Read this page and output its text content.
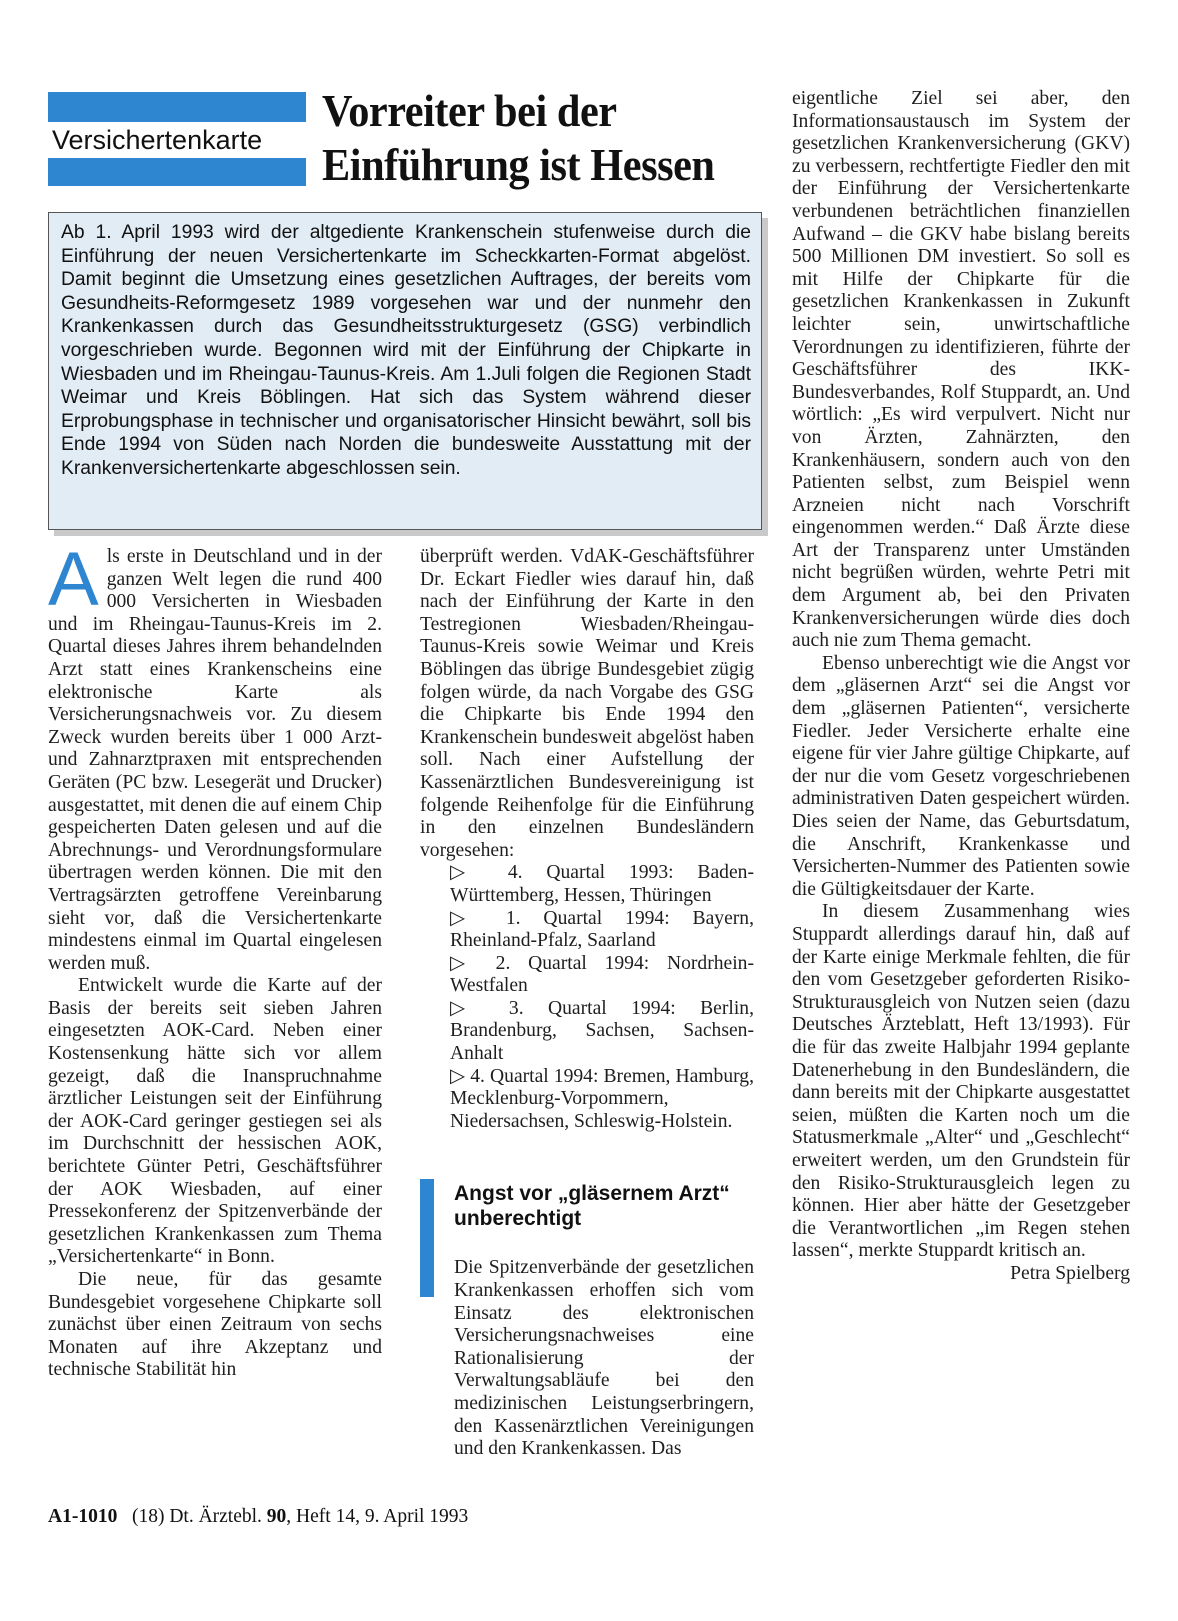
Versichertenkarte
Vorreiter bei der
Einführung ist Hessen
Ab 1. April 1993 wird der altgediente Krankenschein stufenweise durch die Einführung der neuen Versichertenkarte im Scheckkarten-Format abgelöst. Damit beginnt die Umsetzung eines gesetzlichen Auftrages, der bereits vom Gesundheits-Reformgesetz 1989 vorgesehen war und der nunmehr den Krankenkassen durch das Gesundheitsstrukturgesetz (GSG) verbindlich vorgeschrieben wurde. Begonnen wird mit der Einführung der Chipkarte in Wiesbaden und im Rheingau-Taunus-Kreis. Am 1.Juli folgen die Regionen Stadt Weimar und Kreis Böblingen. Hat sich das System während dieser Erprobungsphase in technischer und organisatorischer Hinsicht bewährt, soll bis Ende 1994 von Süden nach Norden die bundesweite Ausstattung mit der Krankenversichertenkarte abgeschlossen sein.

Als erste in Deutschland und in der ganzen Welt legen die rund 400 000 Versicherten in Wiesbaden und im Rheingau-Taunus-Kreis im 2. Quartal dieses Jahres ihrem behandelnden Arzt statt eines Krankenscheins eine elektronische Karte als Versicherungsnachweis vor. Zu diesem Zweck wurden bereits über 1 000 Arzt- und Zahnarztpraxen mit entsprechenden Geräten (PC bzw. Lesegerät und Drucker) ausgestattet, mit denen die auf einem Chip gespeicherten Daten gelesen und auf die Abrechnungs- und Verordnungsformulare übertragen werden können. Die mit den Vertragsärzten getroffene Vereinbarung sieht vor, daß die Versichertenkarte mindestens einmal im Quartal eingelesen werden muß.

Entwickelt wurde die Karte auf der Basis der bereits seit sieben Jahren eingesetzten AOK-Card. Neben einer Kostensenkung hätte sich vor allem gezeigt, daß die Inanspruchnahme ärztlicher Leistungen seit der Einführung der AOK-Card geringer gestiegen sei als im Durchschnitt der hessischen AOK, berichtete Günter Petri, Geschäftsführer der AOK Wiesbaden, auf einer Pressekonferenz der Spitzenverbände der gesetzlichen Krankenkassen zum Thema „Versichertenkarte“ in Bonn.

Die neue, für das gesamte Bundesgebiet vorgesehene Chipkarte soll zunächst über einen Zeitraum von sechs Monaten auf ihre Akzeptanz und technische Stabilität hin

überprüft werden. VdAK-Geschäftsführer Dr. Eckart Fiedler wies darauf hin, daß nach der Einführung der Karte in den Testregionen Wiesbaden/Rheingau-Taunus-Kreis sowie Weimar und Kreis Böblingen das übrige Bundesgebiet zügig folgen würde, da nach Vorgabe des GSG die Chipkarte bis Ende 1994 den Krankenschein bundesweit abgelöst haben soll. Nach einer Aufstellung der Kassenärztlichen Bundesvereinigung ist folgende Reihenfolge für die Einführung in den einzelnen Bundesländern vorgesehen:

▷ 4. Quartal 1993: Baden-Württemberg, Hessen, Thüringen

▷ 1. Quartal 1994: Bayern, Rheinland-Pfalz, Saarland

▷ 2. Quartal 1994: Nordrhein-Westfalen

▷ 3. Quartal 1994: Berlin, Brandenburg, Sachsen, Sachsen-Anhalt

▷ 4. Quartal 1994: Bremen, Hamburg, Mecklenburg-Vorpommern, Niedersachsen, Schleswig-Holstein.

Angst vor „gläsernem Arzt“ unberechtigt

Die Spitzenverbände der gesetzlichen Krankenkassen erhoffen sich vom Einsatz des elektronischen Versicherungsnachweises eine Rationalisierung der Verwaltungsabläufe bei den medizinischen Leistungserbringern, den Kassenärztlichen Vereinigungen und den Krankenkassen. Das

eigentliche Ziel sei aber, den Informationsaustausch im System der gesetzlichen Krankenversicherung (GKV) zu verbessern, rechtfertigte Fiedler den mit der Einführung der Versichertenkarte verbundenen beträchtlichen finanziellen Aufwand – die GKV habe bislang bereits 500 Millionen DM investiert. So soll es mit Hilfe der Chipkarte für die gesetzlichen Krankenkassen in Zukunft leichter sein, unwirtschaftliche Verordnungen zu identifizieren, führte der Geschäftsführer des IKK-Bundesverbandes, Rolf Stuppardt, an. Und wörtlich: „Es wird verpulvert. Nicht nur von Ärzten, Zahnärzten, den Krankenhäusern, sondern auch von den Patienten selbst, zum Beispiel wenn Arzneien nicht nach Vorschrift eingenommen werden.“ Daß Ärzte diese Art der Transparenz unter Umständen nicht begrüßen würden, wehrte Petri mit dem Argument ab, bei den Privaten Krankenversicherungen würde dies doch auch nie zum Thema gemacht.

Ebenso unberechtigt wie die Angst vor dem „gläsernen Arzt“ sei die Angst vor dem „gläsernen Patienten“, versicherte Fiedler. Jeder Versicherte erhalte eine eigene für vier Jahre gültige Chipkarte, auf der nur die vom Gesetz vorgeschriebenen administrativen Daten gespeichert würden. Dies seien der Name, das Geburtsdatum, die Anschrift, Krankenkasse und Versicherten-Nummer des Patienten sowie die Gültigkeitsdauer der Karte.

In diesem Zusammenhang wies Stuppardt allerdings darauf hin, daß auf der Karte einige Merkmale fehlten, die für den vom Gesetzgeber geforderten Risiko-Strukturausgleich von Nutzen seien (dazu Deutsches Ärzteblatt, Heft 13/1993). Für die für das zweite Halbjahr 1994 geplante Datenerhebung in den Bundesländern, die dann bereits mit der Chipkarte ausgestattet seien, müßten die Karten noch um die Statusmerkmale „Alter“ und „Geschlecht“ erweitert werden, um den Grundstein für den Risiko-Strukturausgleich legen zu können. Hier aber hätte der Gesetzgeber die Verantwortlichen „im Regen stehen lassen“, merkte Stuppardt kritisch an.
Petra Spielberg

A1-1010 (18) Dt. Ärztebl. 90, Heft 14, 9. April 1993
